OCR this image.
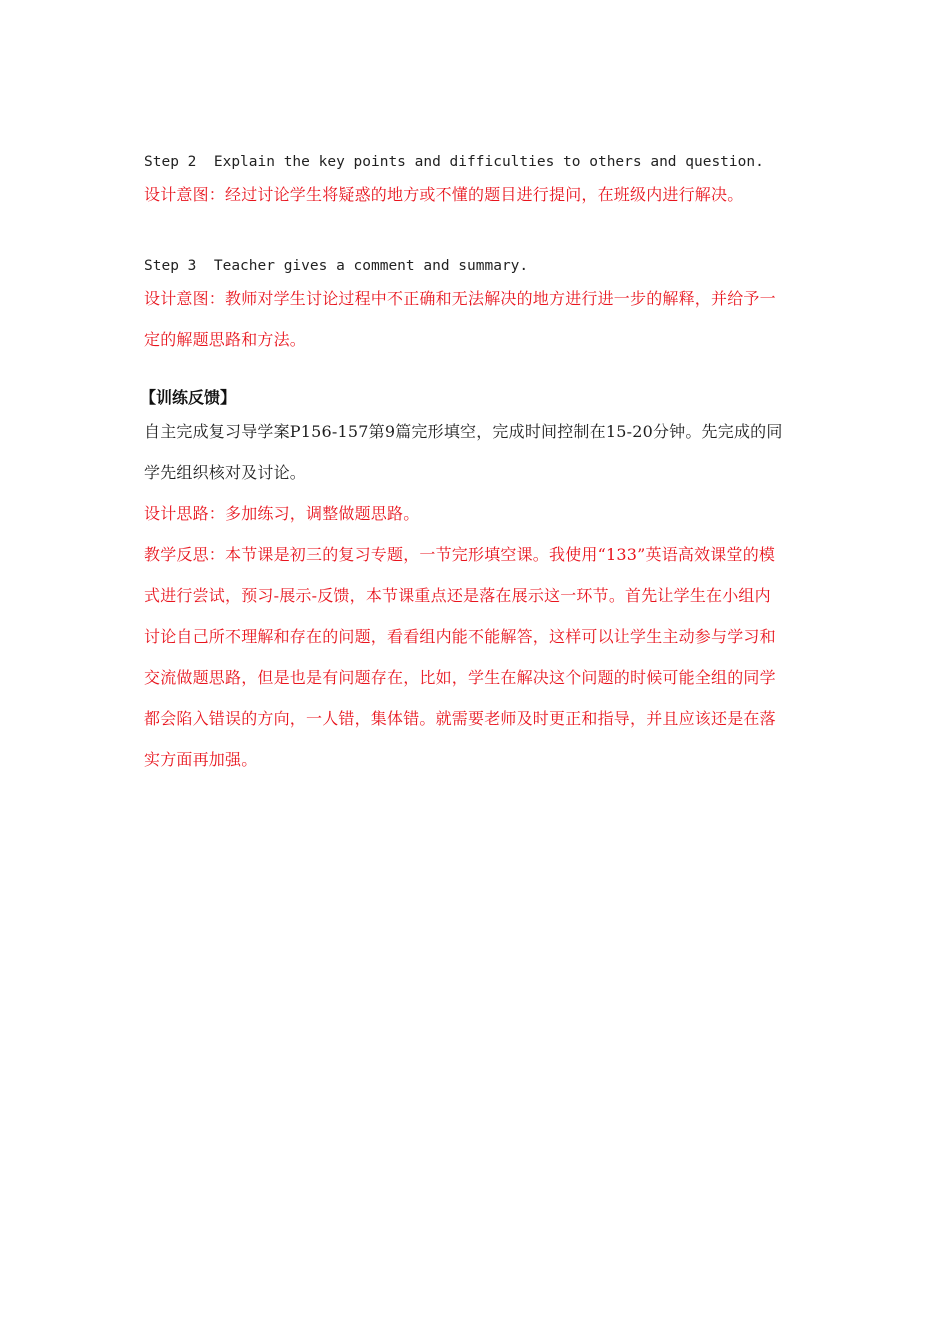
Step 2 Explain the key points and difficulties to others and question.

设计意图：经过讨论学生将疑惑的地方或不懂的题目进行提问，在班级内进行解决。

Step 3 Teacher gives a comment and summary.

设计意图：教师对学生讨论过程中不正确和无法解决的地方进行进一步的解释，并给予一

定的解题思路和方法。

【训练反馈】

自主完成复习导学案P156-157第9篇完形填空，完成时间控制在15-20分钟。先完成的同

学先组织核对及讨论。

设计思路：多加练习，调整做题思路。

教学反思：本节课是初三的复习专题，一节完形填空课。我使用“133”英语高效课堂的模

式进行尝试，预习-展示-反馈，本节课重点还是落在展示这一环节。首先让学生在小组内

讨论自己所不理解和存在的问题，看看组内能不能解答，这样可以让学生主动参与学习和

交流做题思路，但是也是有问题存在，比如，学生在解决这个问题的时候可能全组的同学

都会陷入错误的方向，一人错，集体错。就需要老师及时更正和指导，并且应该还是在落

实方面再加强。
